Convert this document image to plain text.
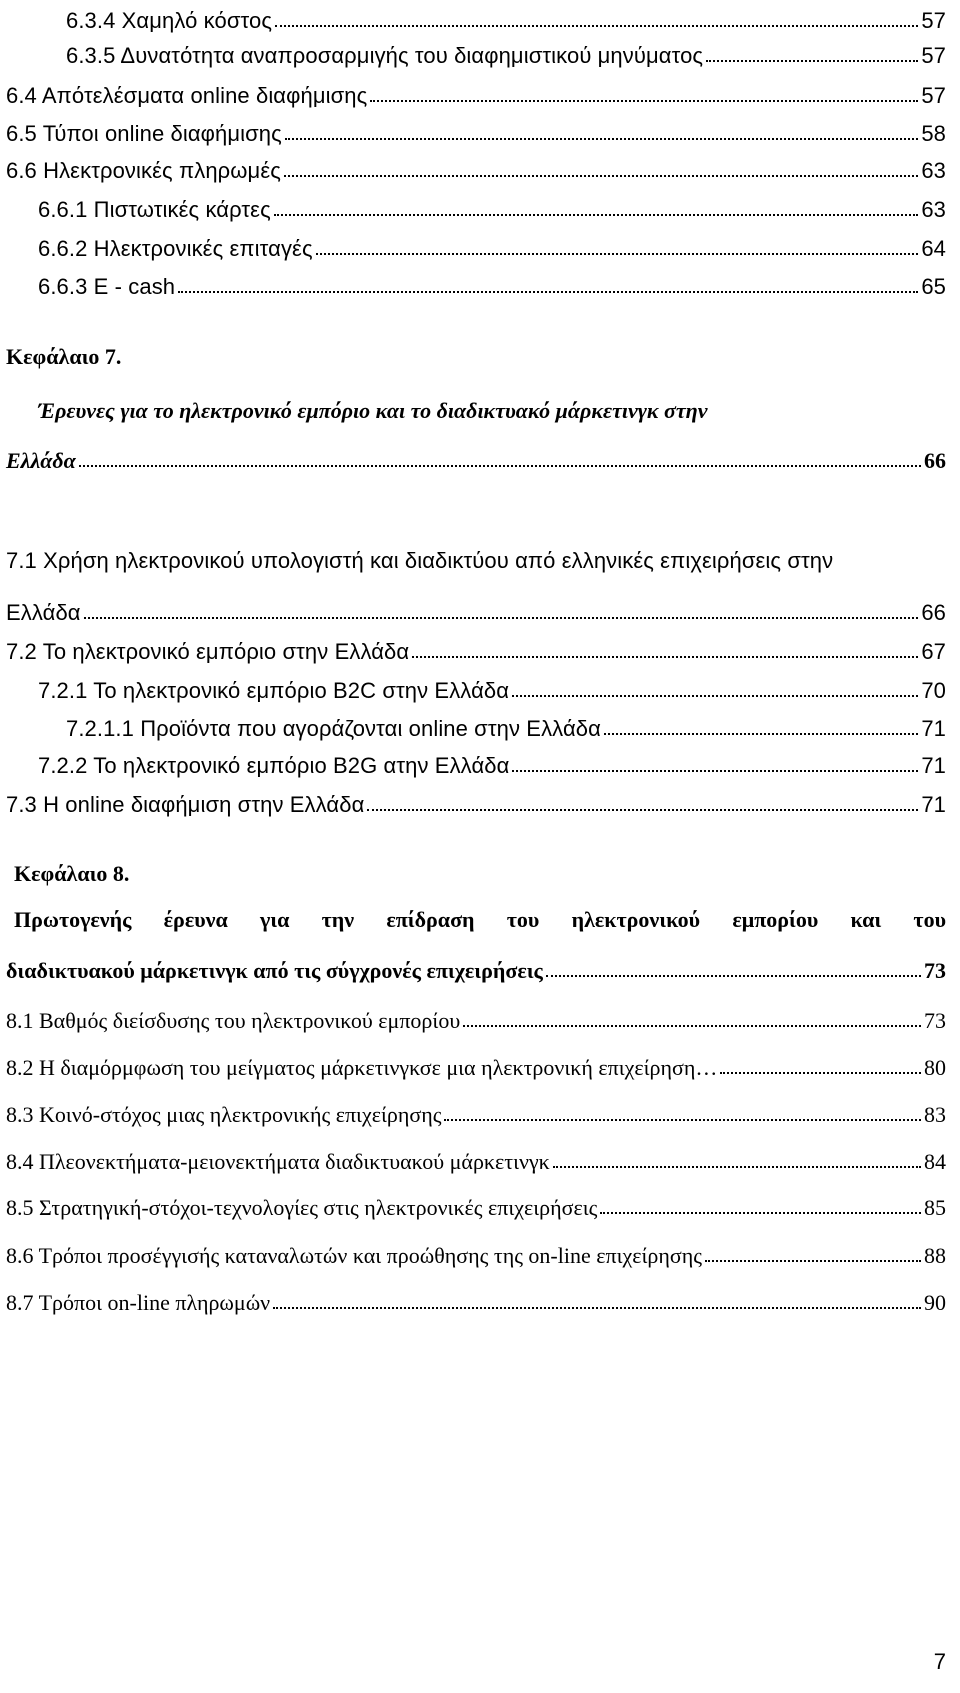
6.3.4 Χαμηλό κόστος	57
6.3.5 Δυνατότητα αναπροσαρμιγής του διαφημιστικού μηνύματος	57
6.4 Απότελέσματα online διαφήμισης	57
6.5 Τύποι online διαφήμισης	58
6.6 Ηλεκτρονικές πληρωμές	63
6.6.1 Πιστωτικές κάρτες	63
6.6.2 Ηλεκτρονικές επιταγές	64
6.6.3 E - cash	65
Κεφάλαιο 7.
Έρευνες για το ηλεκτρονικό εμπόριο και το διαδικτυακό μάρκετινγκ στην
Ελλάδα	66
7.1 Χρήση ηλεκτρονικού υπολογιστή και διαδικτύου από ελληνικές επιχειρήσεις στην
Ελλάδα	66
7.2 Το ηλεκτρονικό εμπόριο στην Ελλάδα	67
7.2.1 Το ηλεκτρονικό εμπόριο B2C στην Ελλάδα	70
7.2.1.1 Προϊόντα που αγοράζονται online στην Ελλάδα	71
7.2.2 Το ηλεκτρονικό εμπόριο B2G ατην Ελλάδα	71
7.3 Η online διαφήμιση στην Ελλάδα	71
Κεφάλαιο 8.
Πρωτογενής έρευνα για την επίδραση του ηλεκτρονικού εμπορίου και του
διαδικτυακού μάρκετινγκ από τις σύγχρονές επιχειρήσεις	73
8.1 Βαθμός διείσδυσης του ηλεκτρονικού εμπορίου	73
8.2 Η διαμόρμφωση του μείγματος μάρκετινγκσε μια ηλεκτρονική επιχείρηση…	80
8.3 Κοινό-στόχος μιας ηλεκτρονικής επιχείρησης	83
8.4 Πλεονεκτήματα-μειονεκτήματα διαδικτυακού μάρκετινγκ	84
8.5 Στρατηγική-στόχοι-τεχνολογίες στις ηλεκτρονικές επιχειρήσεις	85
8.6 Τρόποι προσέγγισής καταναλωτών και προώθησης της on-line επιχείρησης	88
8.7 Τρόποι on-line πληρωμών	90
7
